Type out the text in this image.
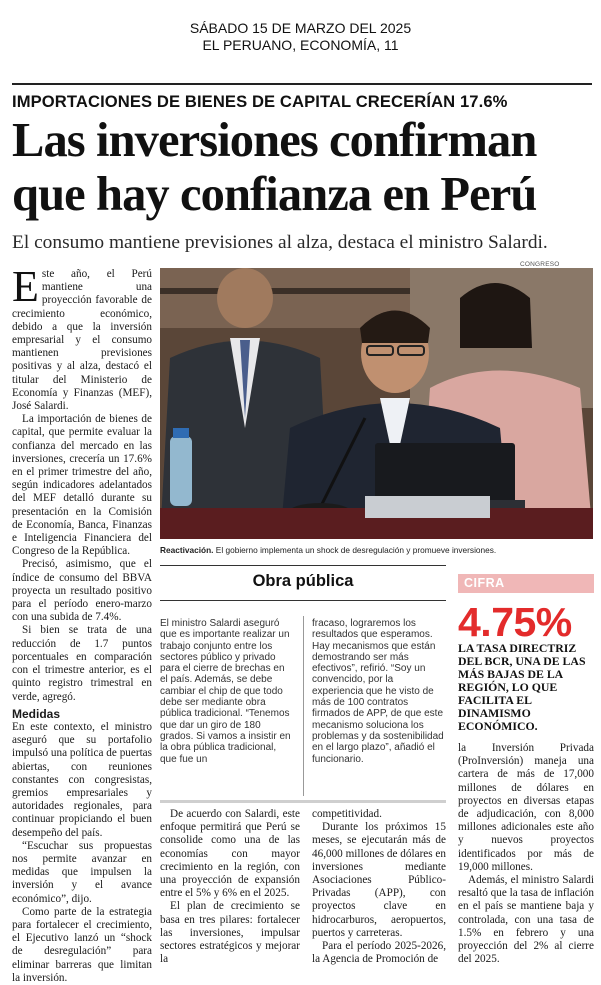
SÁBADO 15 DE MARZO DEL 2025
EL PERUANO, ECONOMÍA, 11
IMPORTACIONES DE BIENES DE CAPITAL CRECERÍAN 17.6%
Las inversiones confirman
que hay confianza en Perú
El consumo mantiene previsiones al alza, destaca el ministro Salardi.

Este año, el Perú mantiene una proyección favorable de crecimiento económico, debido a que la inversión empresarial y el consumo mantienen previsiones positivas y al alza, destacó el titular del Ministerio de Economía y Finanzas (MEF), José Salardi.

La importación de bienes de capital, que permite evaluar la confianza del mercado en las inversiones, crecería un 17.6% en el primer trimestre del año, según indicadores adelantados del MEF detalló durante su presentación en la Comisión de Economía, Banca, Finanzas e Inteligencia Financiera del Congreso de la República.

Precisó, asimismo, que el índice de consumo del BBVA proyecta un resultado positivo para el período enero-marzo con una subida de 7.4%.

Si bien se trata de una reducción de 1.7 puntos porcentuales en comparación con el trimestre anterior, es el quinto registro trimestral en verde, agregó.

Medidas

En este contexto, el ministro aseguró que su portafolio impulsó una política de puertas abiertas, con reuniones constantes con congresistas, gremios empresariales y autoridades regionales, para continuar propiciando el buen desempeño del país.

“Escuchar sus propuestas nos permite avanzar en medidas que impulsen la inversión y el avance económico”, dijo.

Como parte de la estrategia para fortalecer el crecimiento, el Ejecutivo lanzó un “shock de desregulación” para eliminar barreras que limitan la inversión.

CONGRESO
Reactivación. El gobierno implementa un shock de desregulación y promueve inversiones.
Obra pública

El ministro Salardi aseguró que es importante realizar un trabajo conjunto entre los sectores público y privado para el cierre de brechas en el país. Además, se debe cambiar el chip de que todo debe ser mediante obra pública tradicional. “Tenemos que dar un giro de 180 grados. Si vamos a insistir en la obra pública tradicional, que fue un

fracaso, lograremos los resultados que esperamos. Hay mecanismos que están demostrando ser más efectivos”, refirió. “Soy un convencido, por la experiencia que he visto de más de 100 contratos firmados de APP, de que este mecanismo soluciona los problemas y da sostenibilidad en el largo plazo”, añadió el funcionario.

De acuerdo con Salardi, este enfoque permitirá que Perú se consolide como una de las economías con mayor crecimiento en la región, con una proyección de expansión entre el 5% y 6% en el 2025.

El plan de crecimiento se basa en tres pilares: fortalecer las inversiones, impulsar sectores estratégicos y mejorar la

competitividad.

Durante los próximos 15 meses, se ejecutarán más de 46,000 millones de dólares en inversiones mediante Asociaciones Público-Privadas (APP), con proyectos clave en hidrocarburos, aeropuertos, puertos y carreteras.

Para el período 2025-2026, la Agencia de Promoción de

CIFRA
4.75%
LA TASA DIRECTRIZ DEL BCR, UNA DE LAS MÁS BAJAS DE LA REGIÓN, LO QUE FACILITA EL DINAMISMO ECONÓMICO.

la Inversión Privada (ProInversión) maneja una cartera de más de 17,000 millones de dólares en proyectos en diversas etapas de adjudicación, con 8,000 millones adicionales este año y nuevos proyectos identificados por más de 19,000 millones.

Además, el ministro Salardi resaltó que la tasa de inflación en el país se mantiene baja y controlada, con una tasa de 1.5% en febrero y una proyección del 2% al cierre del 2025.
